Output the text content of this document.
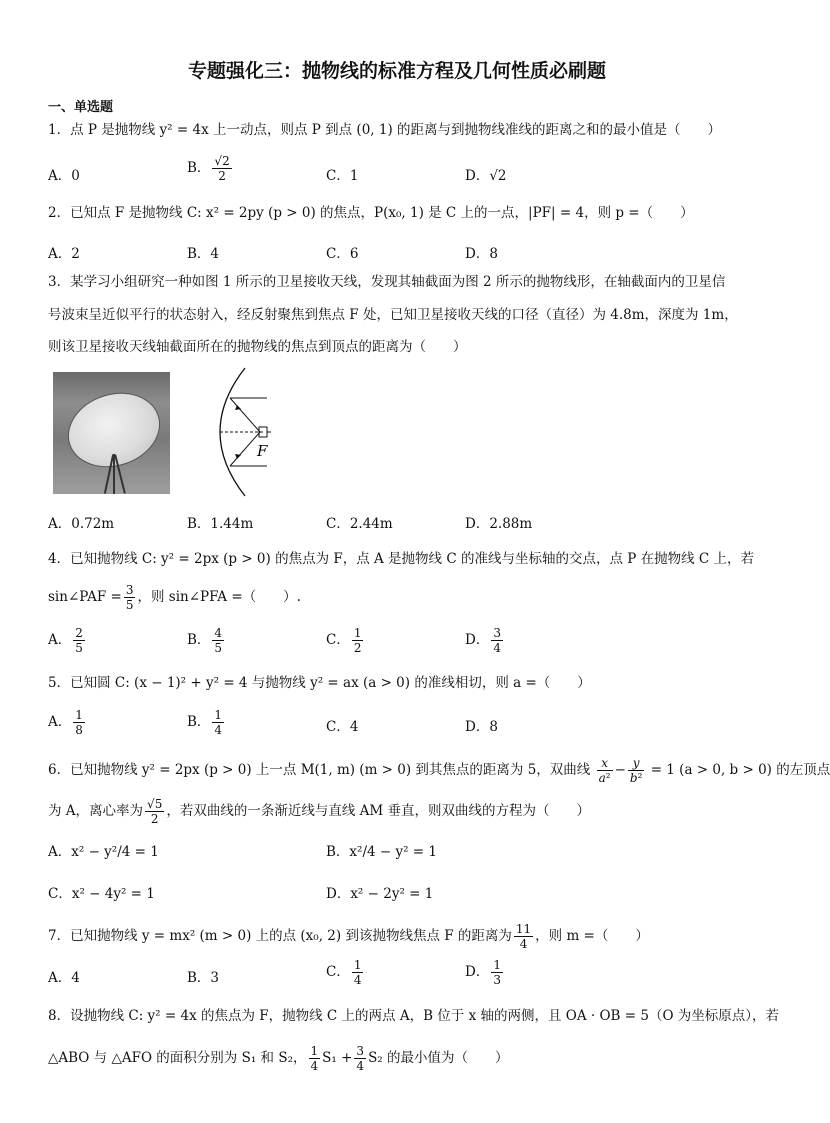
专题强化三：抛物线的标准方程及几何性质必刷题
一、单选题
1．点 P 是抛物线 y² = 4x 上一动点，则点 P 到点 (0, 1) 的距离与到抛物线准线的距离之和的最小值是（　　）
A．0	B． $\frac{√2}{2}$	C．1	D．√2
2．已知点 F 是抛物线 C: x² = 2py (p > 0) 的焦点，P(x₀, 1) 是 C 上的一点，|PF| = 4，则 p =（　　）
A．2	B．4	C．6	D．8
3．某学习小组研究一种如图 1 所示的卫星接收天线，发现其轴截面为图 2 所示的抛物线形，在轴截面内的卫星信
号波束呈近似平行的状态射入，经反射聚焦到焦点 F 处，已知卫星接收天线的口径（直径）为 4.8m，深度为 1m，
则该卫星接收天线轴截面所在的抛物线的焦点到顶点的距离为（　　）
F
A．0.72m	B．1.44m	C．2.44m	D．2.88m
4．已知抛物线 C: y² = 2px (p > 0) 的焦点为 F，点 A 是抛物线 C 的准线与坐标轴的交点，点 P 在抛物线 C 上，若
sin∠PAF = $\frac{3}{5}$ ，则 sin∠PFA =（　　）.
A． $\frac{2}{5}$	B． $\frac{4}{5}$	C． $\frac{1}{2}$	D． $\frac{3}{4}$
5．已知圆 C: (x − 1)² + y² = 4 与抛物线 y² = ax (a > 0) 的准线相切，则 a =（　　）
A． $\frac{1}{8}$	B． $\frac{1}{4}$	C．4	D．8
6．已知抛物线 y² = 2px (p > 0) 上一点 M(1, m) (m > 0) 到其焦点的距离为 5，双曲线 $\frac{x}{\text{a²}} - \frac{y}{\text{b²}} = 1$ (a > 0, b > 0) 的左顶点
为 A，离心率为 $\frac{√5}{2}$ ，若双曲线的一条渐近线与直线 AM 垂直，则双曲线的方程为（　　）
A．x² − y²/4 = 1	B．x²/4 − y² = 1
C．x² − 4y² = 1	D．x² − 2y² = 1
7．已知抛物线 y = mx² (m > 0) 上的点 (x₀, 2) 到该抛物线焦点 F 的距离为 $\frac{11}{4}$ ，则 m =（　　）
A．4	B．3	C． $\frac{1}{4}$	D． $\frac{1}{3}$
8．设抛物线 C: y² = 4x 的焦点为 F，抛物线 C 上的两点 A，B 位于 x 轴的两侧，且 OA · OB = 5（O 为坐标原点），若
△ABO 与 △AFO 的面积分别为 S₁ 和 S₂， $\frac{1}{4} S_1 + \frac{3}{4} S_2$ 的最小值为（　　）
